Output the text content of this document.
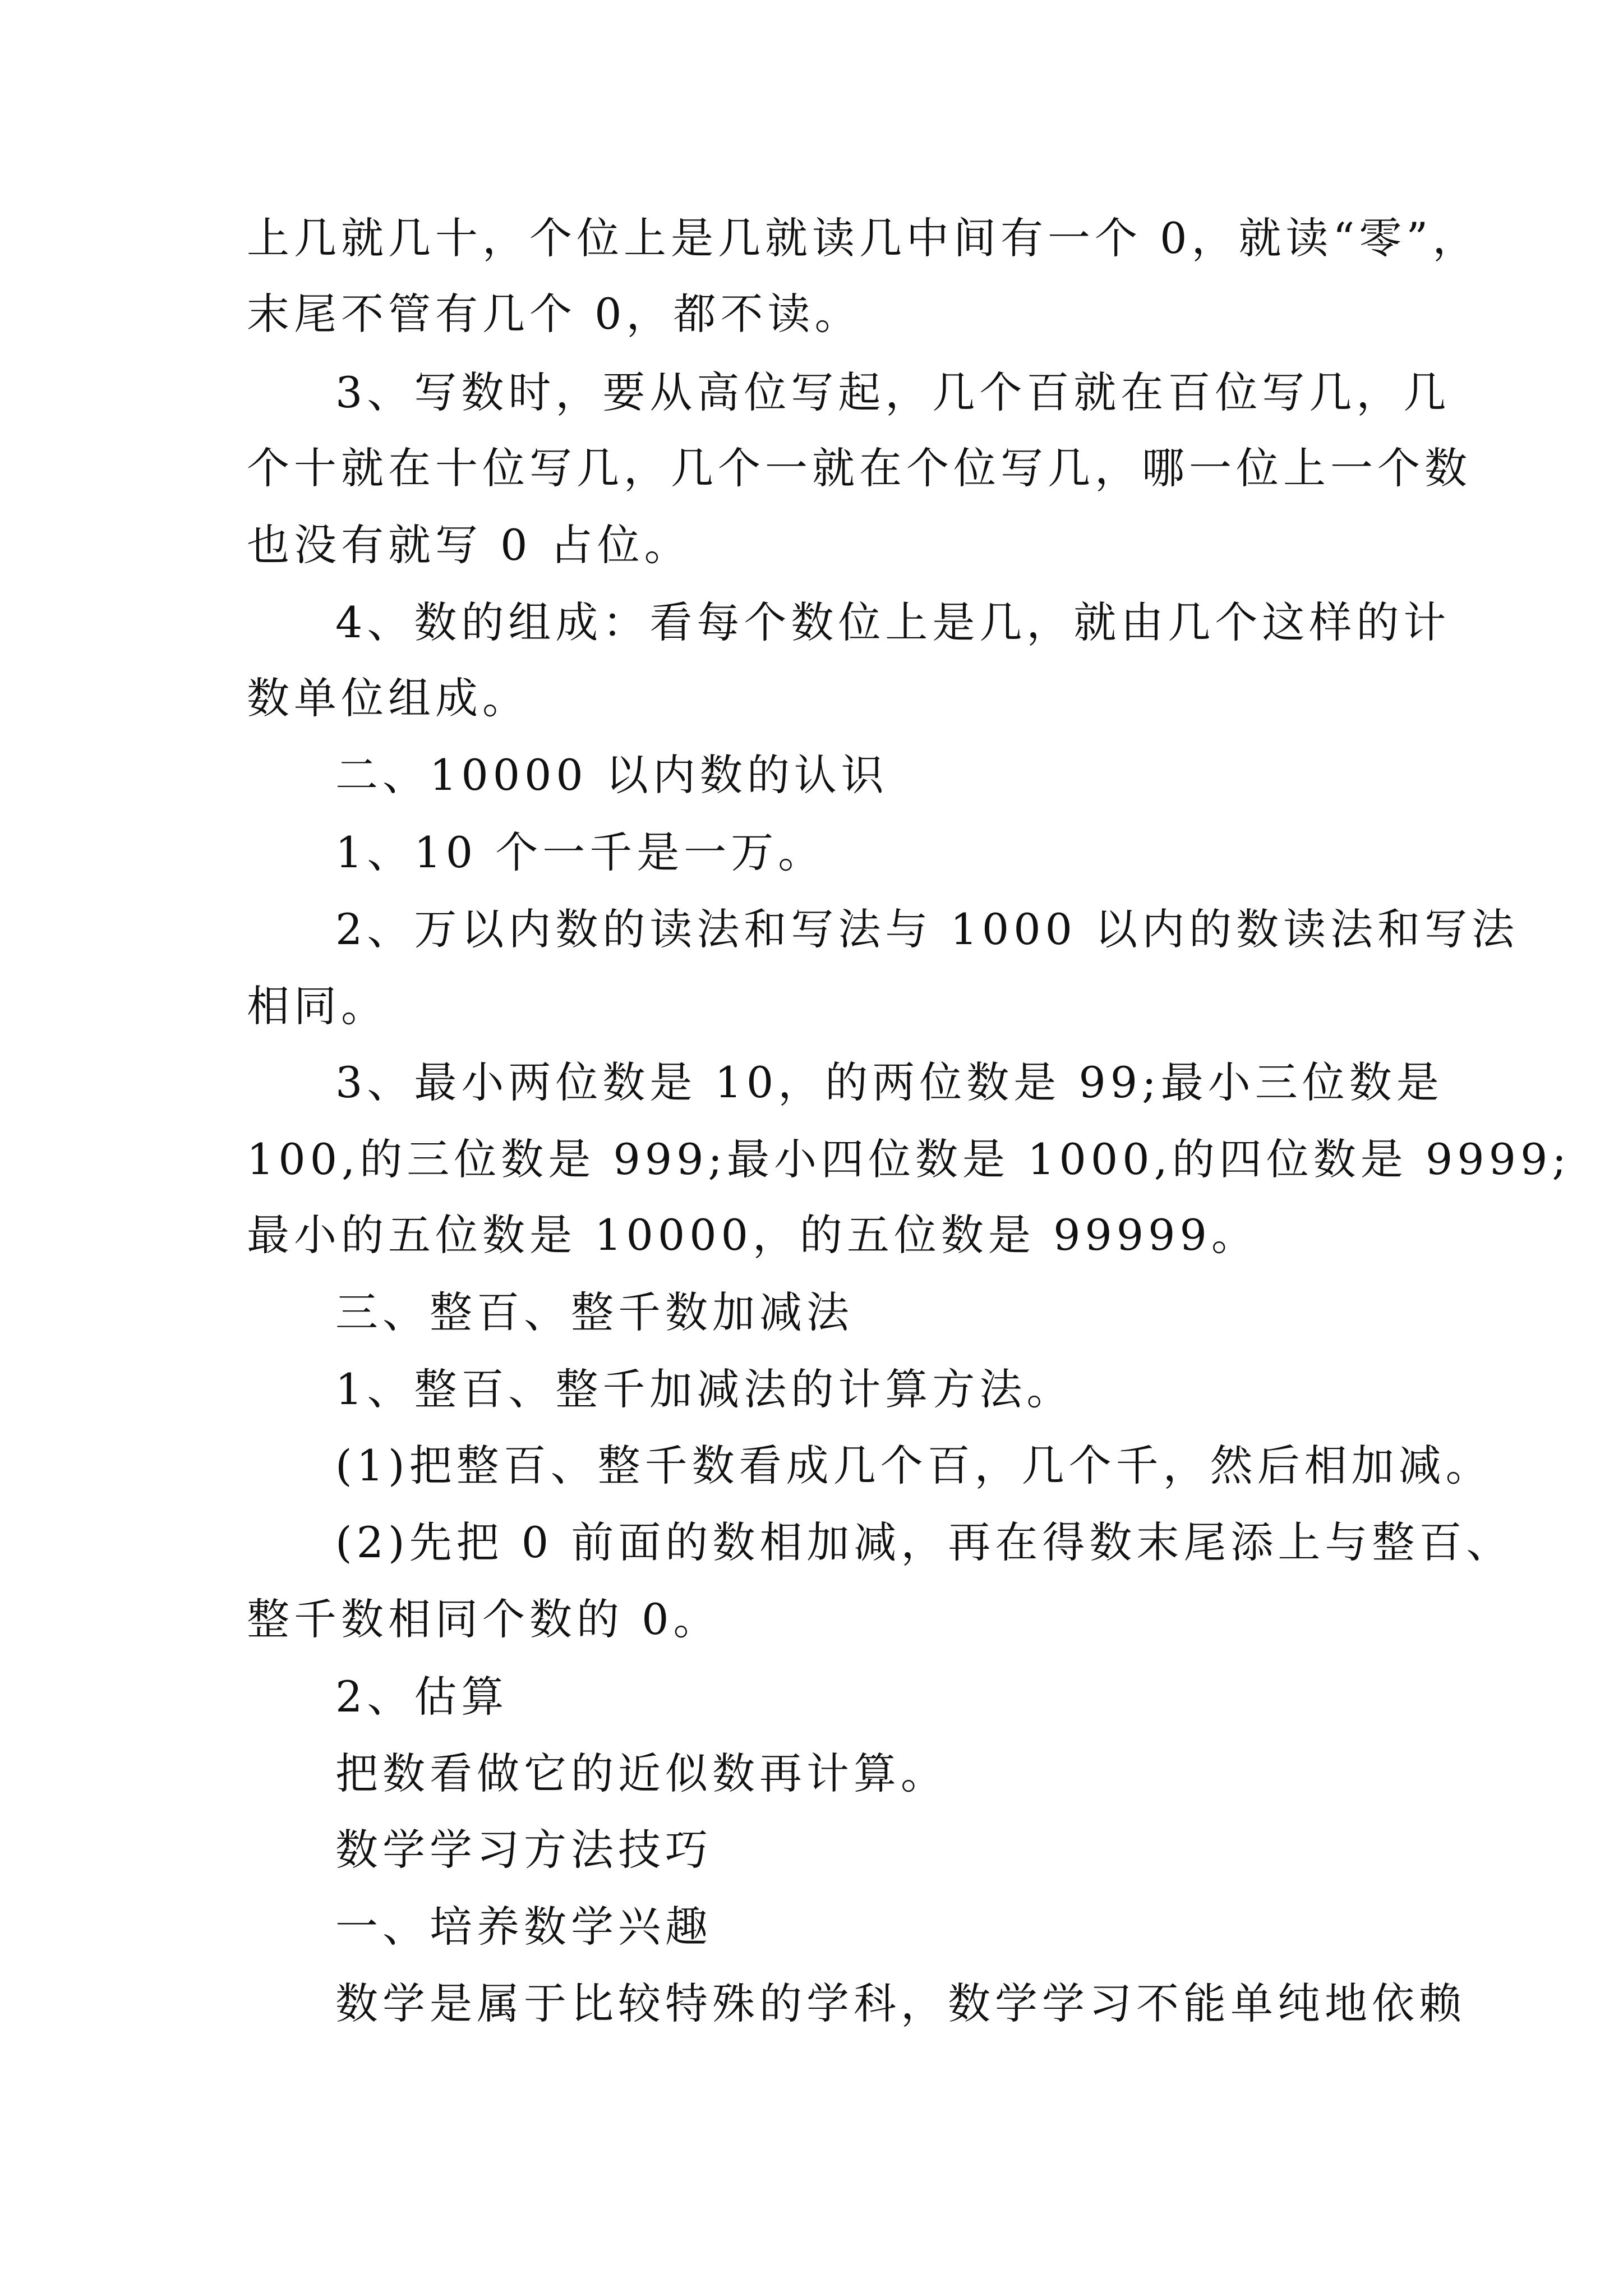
上几就几十，个位上是几就读几中间有一个 0，就读“零”，
末尾不管有几个 0，都不读。
3、写数时，要从高位写起，几个百就在百位写几，几
个十就在十位写几，几个一就在个位写几，哪一位上一个数
也没有就写 0 占位。
4、数的组成：看每个数位上是几，就由几个这样的计
数单位组成。
二、10000 以内数的认识
1、10 个一千是一万。
2、万以内数的读法和写法与 1000 以内的数读法和写法
相同。
3、最小两位数是 10，的两位数是 99;最小三位数是
100,的三位数是 999;最小四位数是 1000,的四位数是 9999;
最小的五位数是 10000，的五位数是 99999。
三、整百、整千数加减法
1、整百、整千加减法的计算方法。
(1)把整百、整千数看成几个百，几个千，然后相加减。
(2)先把 0 前面的数相加减，再在得数末尾添上与整百、
整千数相同个数的 0。
2、估算
把数看做它的近似数再计算。
数学学习方法技巧
一、培养数学兴趣
数学是属于比较特殊的学科，数学学习不能单纯地依赖
